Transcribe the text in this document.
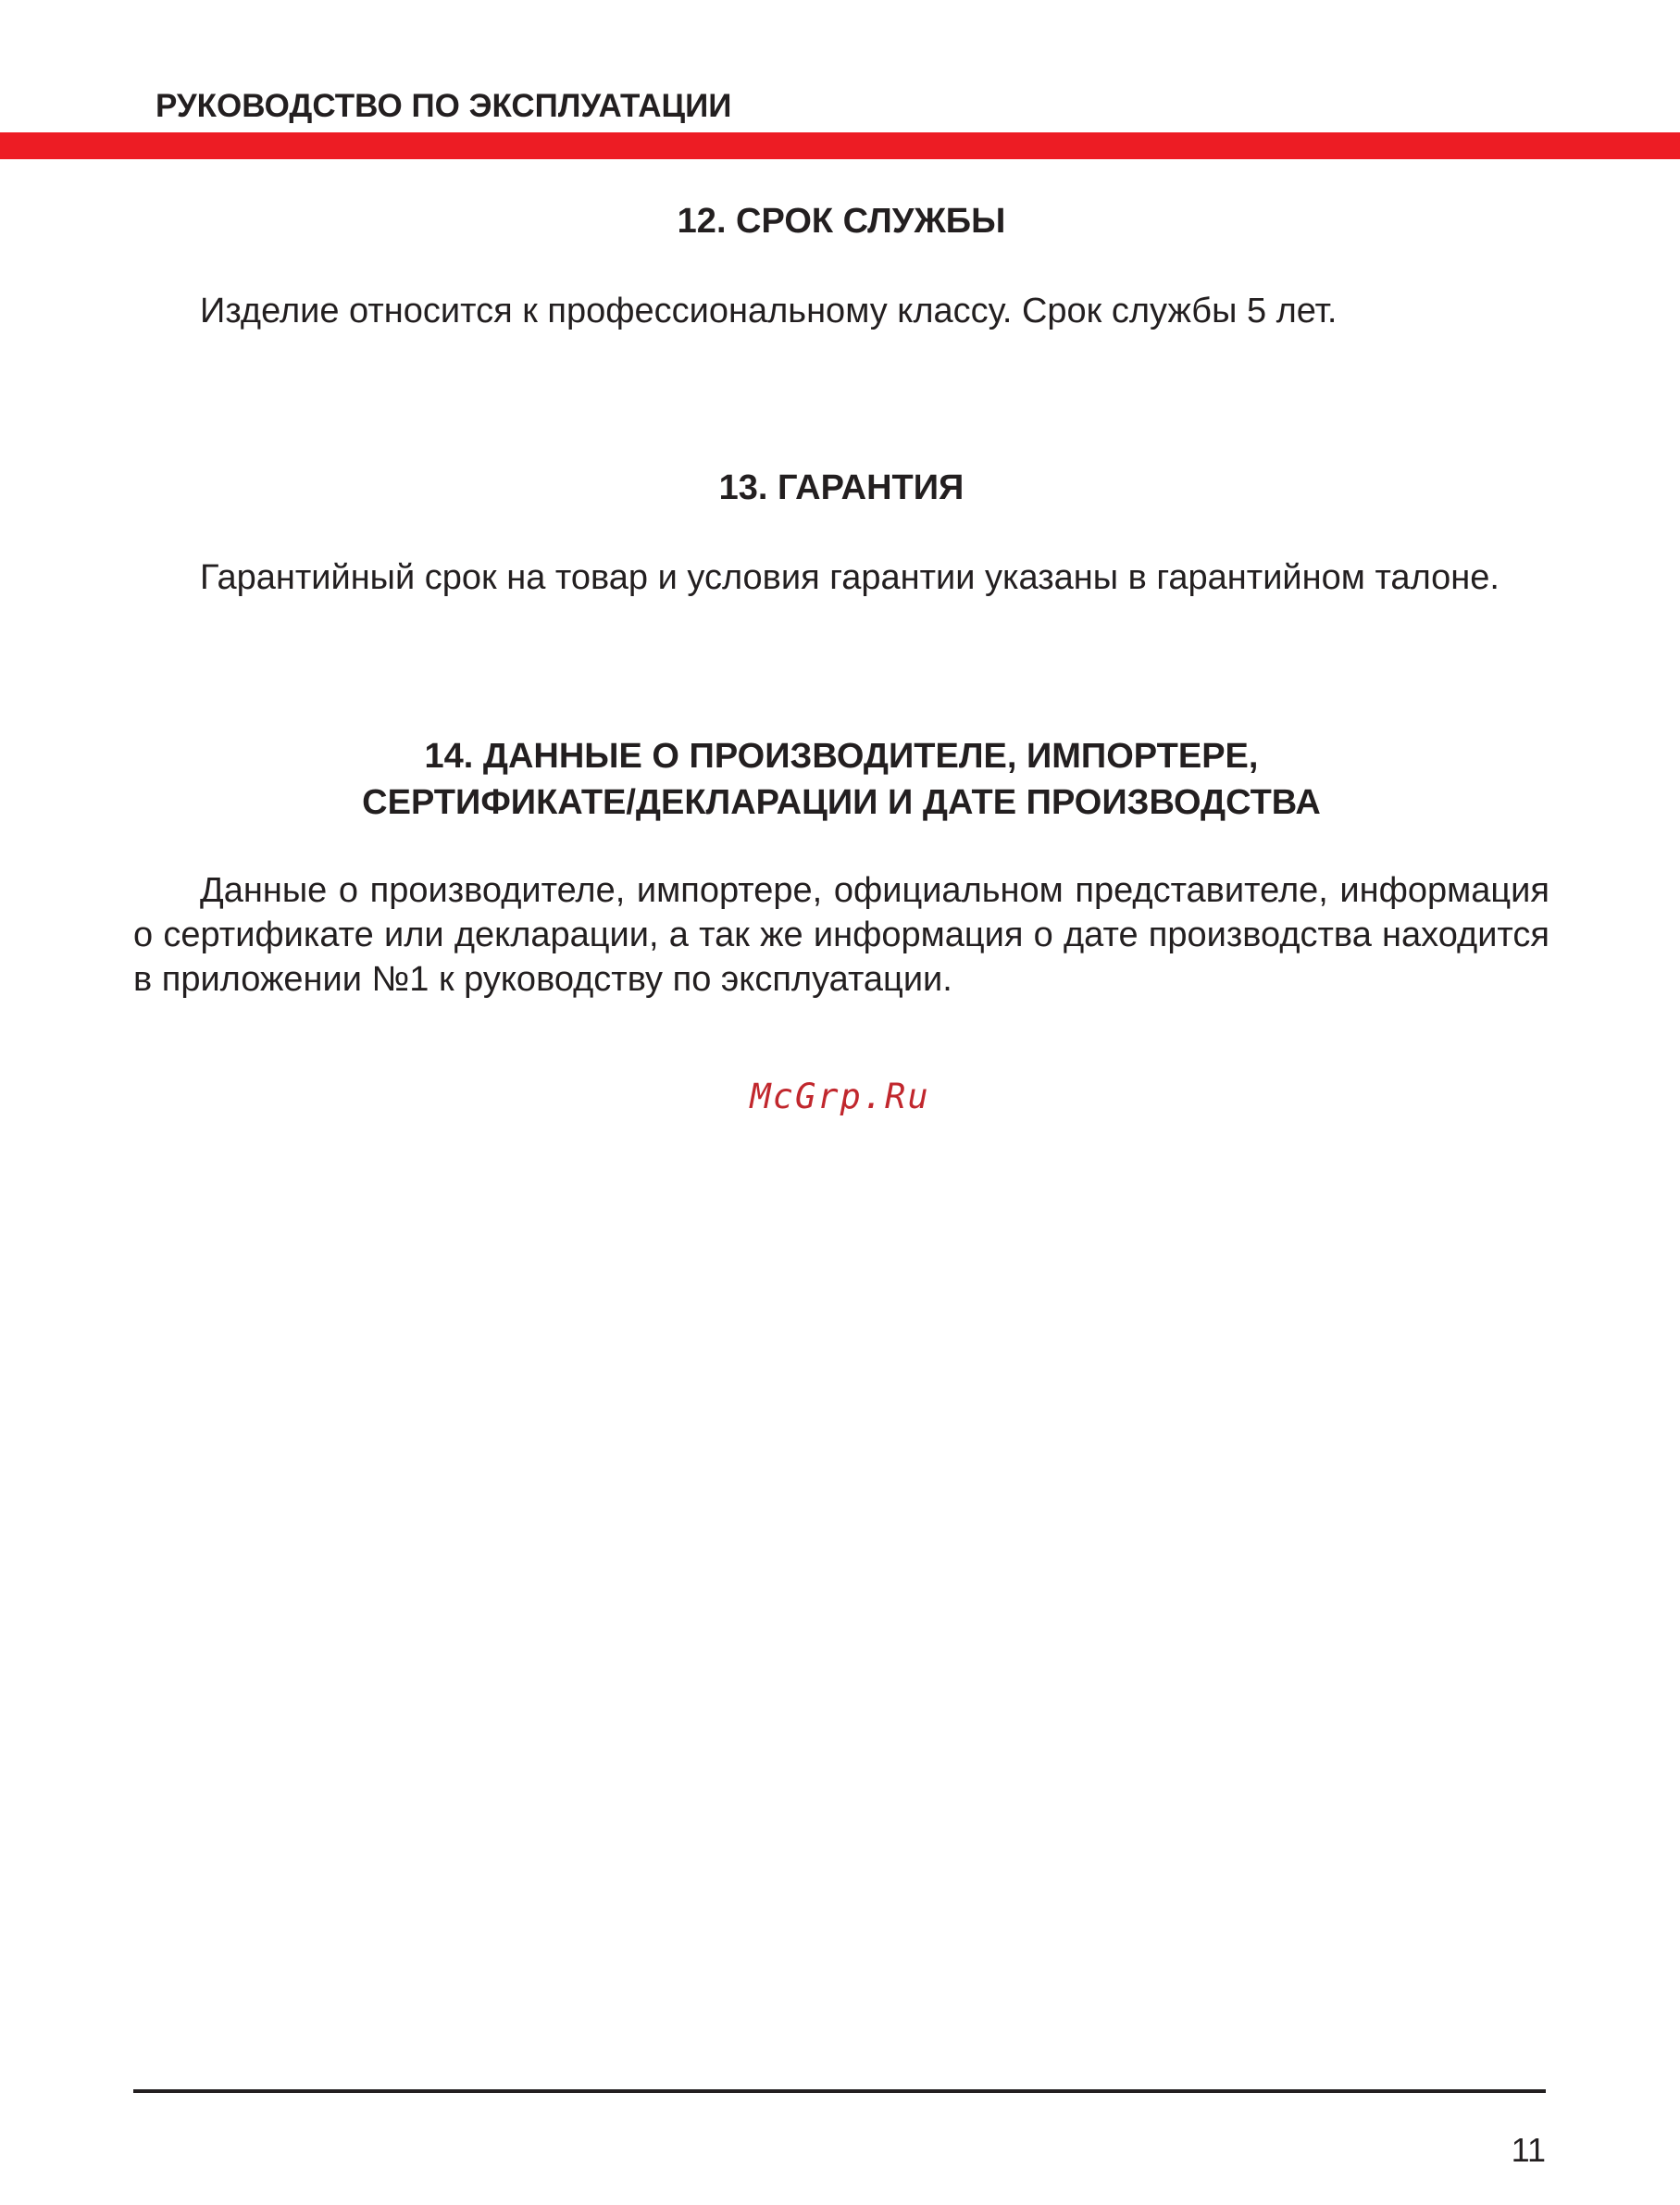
РУКОВОДСТВО ПО ЭКСПЛУАТАЦИИ
12. СРОК СЛУЖБЫ
Изделие относится к профессиональному классу. Срок службы 5 лет.
13. ГАРАНТИЯ
Гарантийный срок на товар и условия гарантии указаны в гарантийном талоне.
14. ДАННЫЕ О ПРОИЗВОДИТЕЛЕ, ИМПОРТЕРЕ,
СЕРТИФИКАТЕ/ДЕКЛАРАЦИИ И ДАТЕ ПРОИЗВОДСТВА
Данные о производителе, импортере, официальном представителе, информация о сертификате или декларации, а так же информация о дате производства находится в приложении №1 к руководству по эксплуатации.
McGrp.Ru
11
